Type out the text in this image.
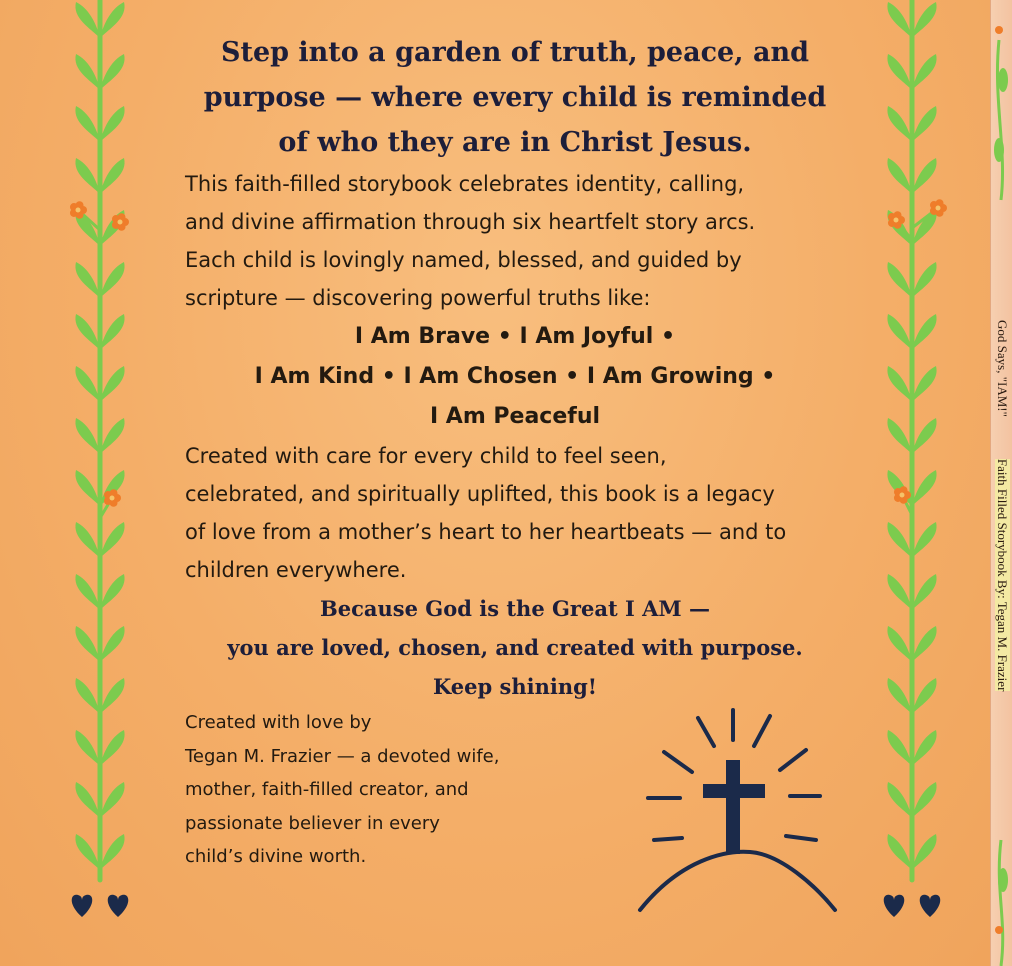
Step into a garden of truth, peace, and purpose — where every child is reminded of who they are in Christ Jesus.

This faith-filled storybook celebrates identity, calling,
and divine affirmation through six heartfelt story arcs.
Each child is lovingly named, blessed, and guided by
scripture — discovering powerful truths like:
I Am Brave • I Am Joyful •
I Am Kind • I Am Chosen • I Am Growing •
I Am Peaceful
Created with care for every child to feel seen,
celebrated, and spiritually uplifted, this book is a legacy
of love from a mother’s heart to her heartbeats — and to
children everywhere.
Because God is the Great I AM —
you are loved, chosen, and created with purpose.
Keep shining!
Created with love by
Tegan M. Frazier — a devoted wife,
mother, faith-filled creator, and
passionate believer in every
child’s divine worth.
God Says, "IAM!"Faith Filled Storybook By: Tegan M. Frazier
